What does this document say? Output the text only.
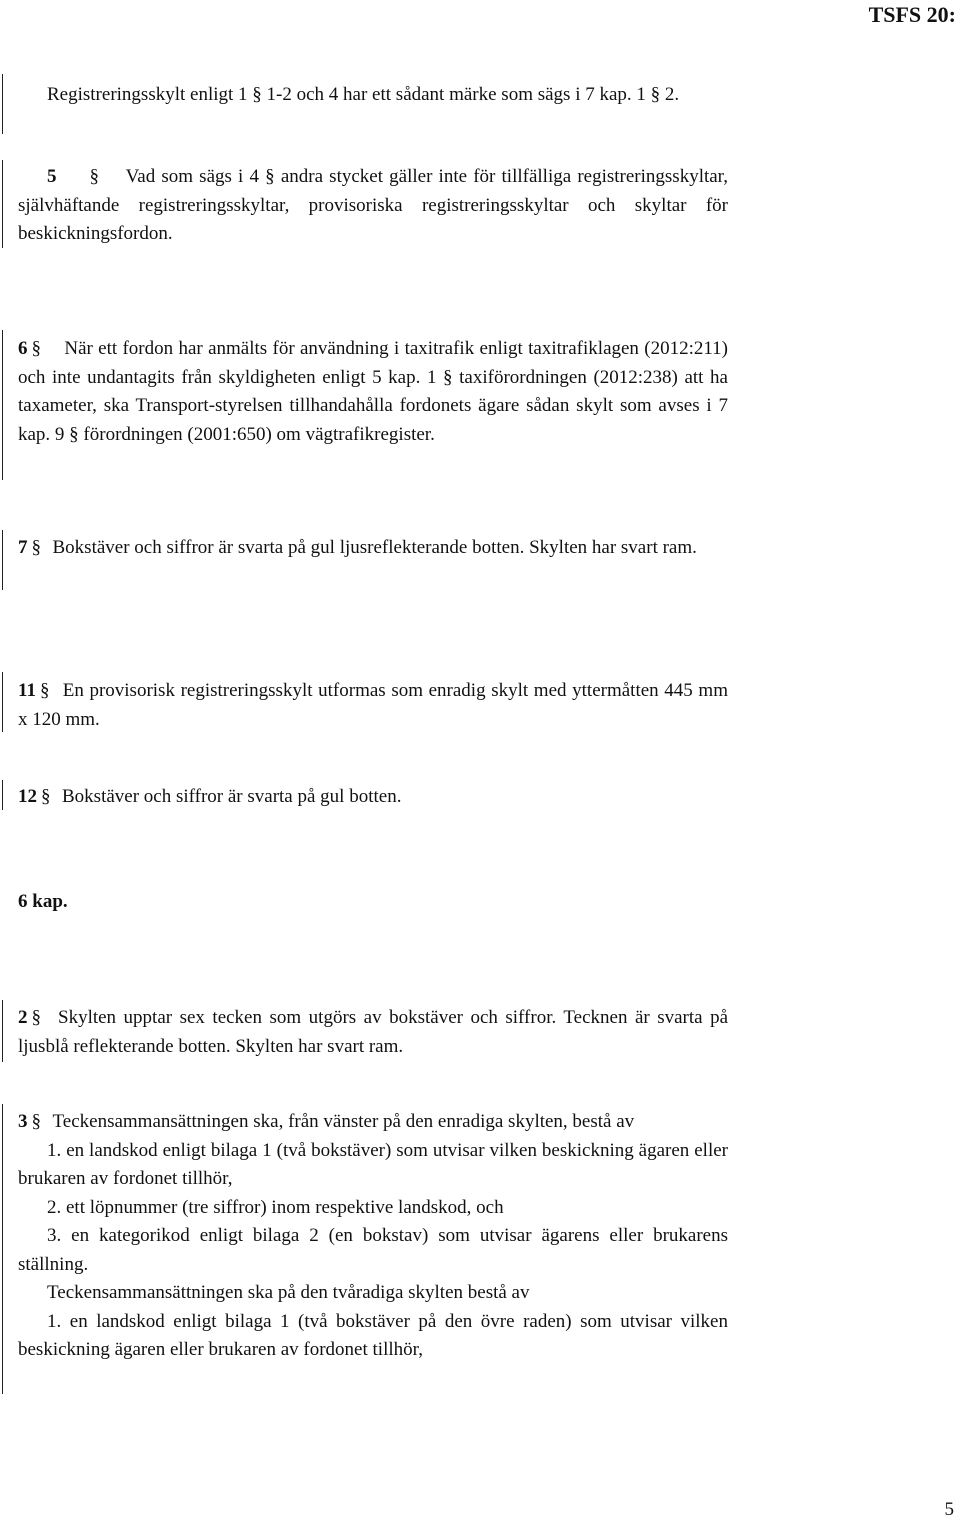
TSFS 20:

Registreringsskylt enligt 1 § 1-2 och 4 har ett sådant märke som sägs i 7 kap. 1 § 2.

5 § Vad som sägs i 4 § andra stycket gäller inte för tillfälliga registreringsskyltar, självhäftande registreringsskyltar, provisoriska registreringsskyltar och skyltar för beskickningsfordon.

6 § När ett fordon har anmälts för användning i taxitrafik enligt taxitrafiklagen (2012:211) och inte undantagits från skyldigheten enligt 5 kap. 1 § taxiförordningen (2012:238) att ha taxameter, ska Transport-styrelsen tillhandahålla fordonets ägare sådan skylt som avses i 7 kap. 9 § förordningen (2001:650) om vägtrafikregister.

7 § Bokstäver och siffror är svarta på gul ljusreflekterande botten. Skylten har svart ram.

11 § En provisorisk registreringsskylt utformas som enradig skylt med yttermåtten 445 mm x 120 mm.

12 § Bokstäver och siffror är svarta på gul botten.

6 kap.

2 § Skylten upptar sex tecken som utgörs av bokstäver och siffror. Tecknen är svarta på ljusblå reflekterande botten. Skylten har svart ram.

3 § Teckensammansättningen ska, från vänster på den enradiga skylten, bestå av

1. en landskod enligt bilaga 1 (två bokstäver) som utvisar vilken beskickning ägaren eller brukaren av fordonet tillhör,

2. ett löpnummer (tre siffror) inom respektive landskod, och

3. en kategorikod enligt bilaga 2 (en bokstav) som utvisar ägarens eller brukarens ställning.

Teckensammansättningen ska på den tvåradiga skylten bestå av

1. en landskod enligt bilaga 1 (två bokstäver på den övre raden) som utvisar vilken beskickning ägaren eller brukaren av fordonet tillhör,

5
